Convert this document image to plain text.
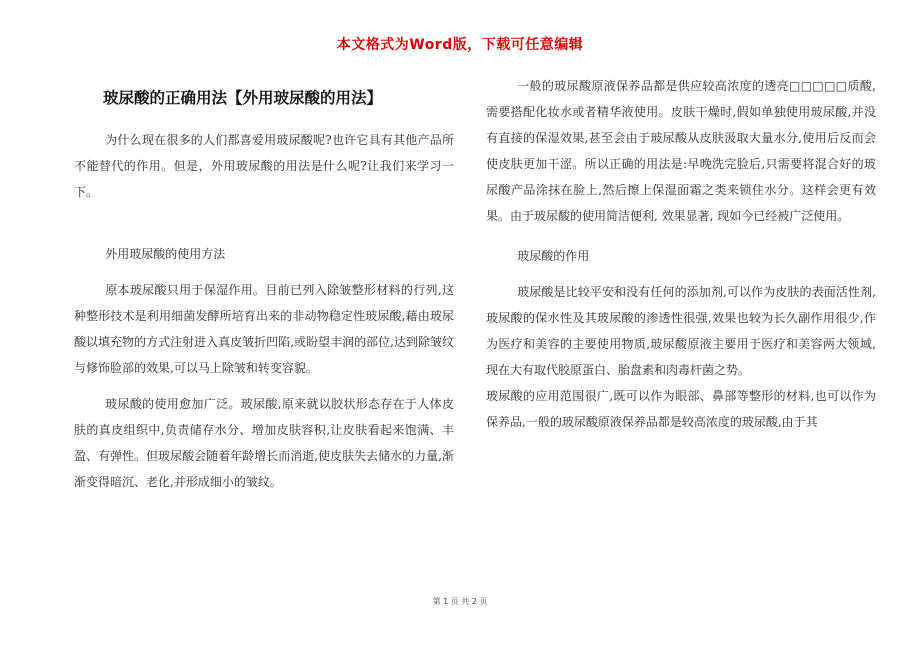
本文格式为Word版，下载可任意编辑
玻尿酸的正确用法【外用玻尿酸的用法】

为什么现在很多的人们都喜爱用玻尿酸呢?也许它具有其他产品所不能替代的作用。但是，外用玻尿酸的用法是什么呢?让我们来学习一下。

外用玻尿酸的使用方法

原本玻尿酸只用于保湿作用。目前已列入除皱整形材料的行列,这种整形技术是利用细菌发酵所培育出来的非动物稳定性玻尿酸,藉由玻尿酸以填充物的方式注射进入真皮皱折凹陷,或盼望丰润的部位,达到除皱纹与修饰脸部的效果,可以马上除皱和转变容貌。

玻尿酸的使用愈加广泛。玻尿酸,原来就以胶状形态存在于人体皮肤的真皮组织中,负责储存水分、增加皮肤容积,让皮肤看起来饱满、丰盈、有弹性。但玻尿酸会随着年龄增长而消逝,使皮肤失去储水的力量,渐渐变得暗沉、老化,并形成细小的皱纹。

一般的玻尿酸原液保养品都是供应较高浓度的透亮□□□□□质酸,需要搭配化妆水或者精华液使用。皮肤干燥时,假如单独使用玻尿酸,并没有直接的保湿效果,甚至会由于玻尿酸从皮肤汲取大量水分,使用后反而会使皮肤更加干涩。所以正确的用法是:早晚洗完脸后,只需要将混合好的玻尿酸产品涂抹在脸上,然后擦上保湿面霜之类来锁住水分。这样会更有效果。由于玻尿酸的使用简洁便利, 效果显著, 现如今已经被广泛使用。

玻尿酸的作用

玻尿酸是比较平安和没有任何的添加剂,可以作为皮肤的表面活性剂,玻尿酸的保水性及其玻尿酸的渗透性很强,效果也较为长久副作用很少,作为医疗和美容的主要使用物质,玻尿酸原液主要用于医疗和美容两大领域,现在大有取代胶原蛋白、胎盘素和肉毒杆菌之势。

玻尿酸的应用范围很广,既可以作为眼部、鼻部等整形的材料,也可以作为保养品,一般的玻尿酸原液保养品都是较高浓度的玻尿酸,由于其

第 1 页 共 2 页
